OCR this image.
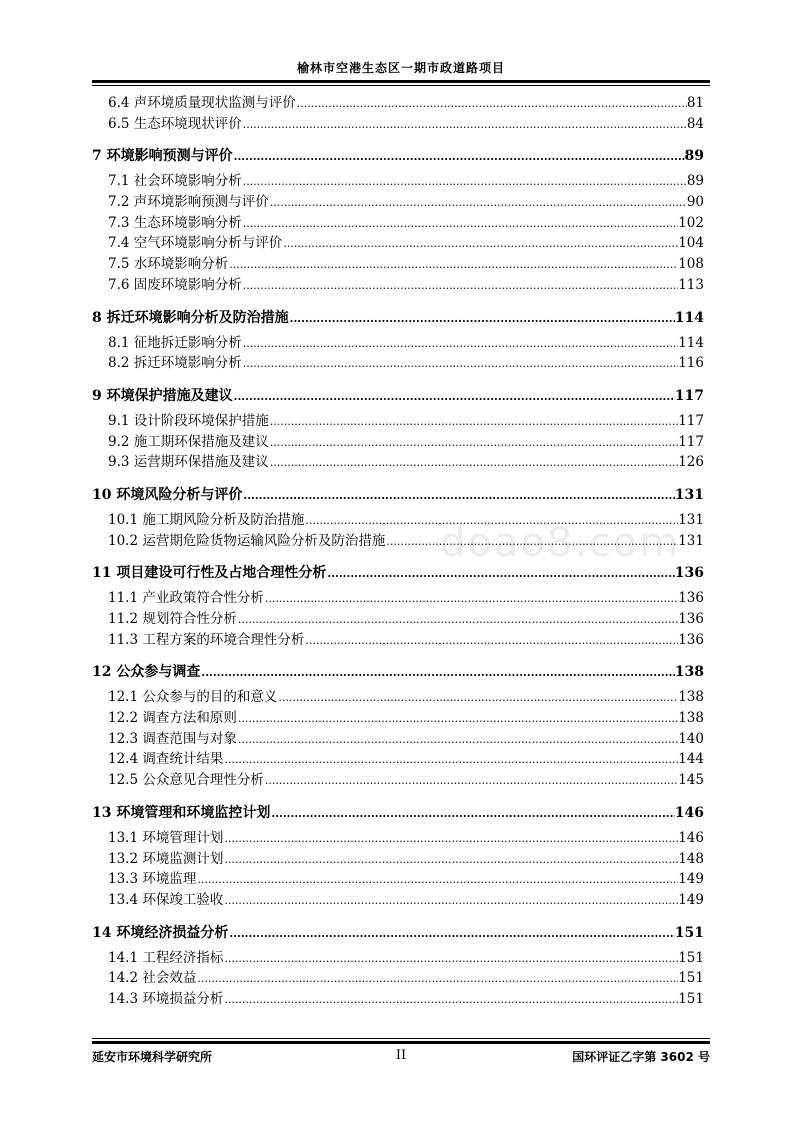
榆林市空港生态区一期市政道路项目
doao8.com
6.4 声环境质量现状监测与评价 .....	81
6.5 生态环境现状评价 .....	84
7 环境影响预测与评价 .....	89
7.1 社会环境影响分析 .....	89
7.2 声环境影响预测与评价 .....	90
7.3 生态环境影响分析 .....	102
7.4 空气环境影响分析与评价 .....	104
7.5 水环境影响分析 .....	108
7.6 固废环境影响分析 .....	113
8 拆迁环境影响分析及防治措施 .....	114
8.1 征地拆迁影响分析 .....	114
8.2 拆迁环境影响分析 .....	116
9 环境保护措施及建议 .....	117
9.1 设计阶段环境保护措施 .....	117
9.2 施工期环保措施及建议 .....	117
9.3 运营期环保措施及建议 .....	126
10 环境风险分析与评价 .....	131
10.1 施工期风险分析及防治措施 .....	131
10.2 运营期危险货物运输风险分析及防治措施 .....	131
11 项目建设可行性及占地合理性分析 .....	136
11.1 产业政策符合性分析 .....	136
11.2 规划符合性分析 .....	136
11.3 工程方案的环境合理性分析 .....	136
12 公众参与调查 .....	138
12.1 公众参与的目的和意义 .....	138
12.2 调查方法和原则 .....	138
12.3 调查范围与对象 .....	140
12.4 调查统计结果 .....	144
12.5 公众意见合理性分析 .....	145
13 环境管理和环境监控计划 .....	146
13.1 环境管理计划 .....	146
13.2 环境监测计划 .....	148
13.3 环境监理 .....	149
13.4 环保竣工验收 .....	149
14 环境经济损益分析 .....	151
14.1 工程经济指标 .....	151
14.2 社会效益 .....	151
14.3 环境损益分析 .....	151
延安市环境科学研究所	II	国环评证乙字第 3602 号
